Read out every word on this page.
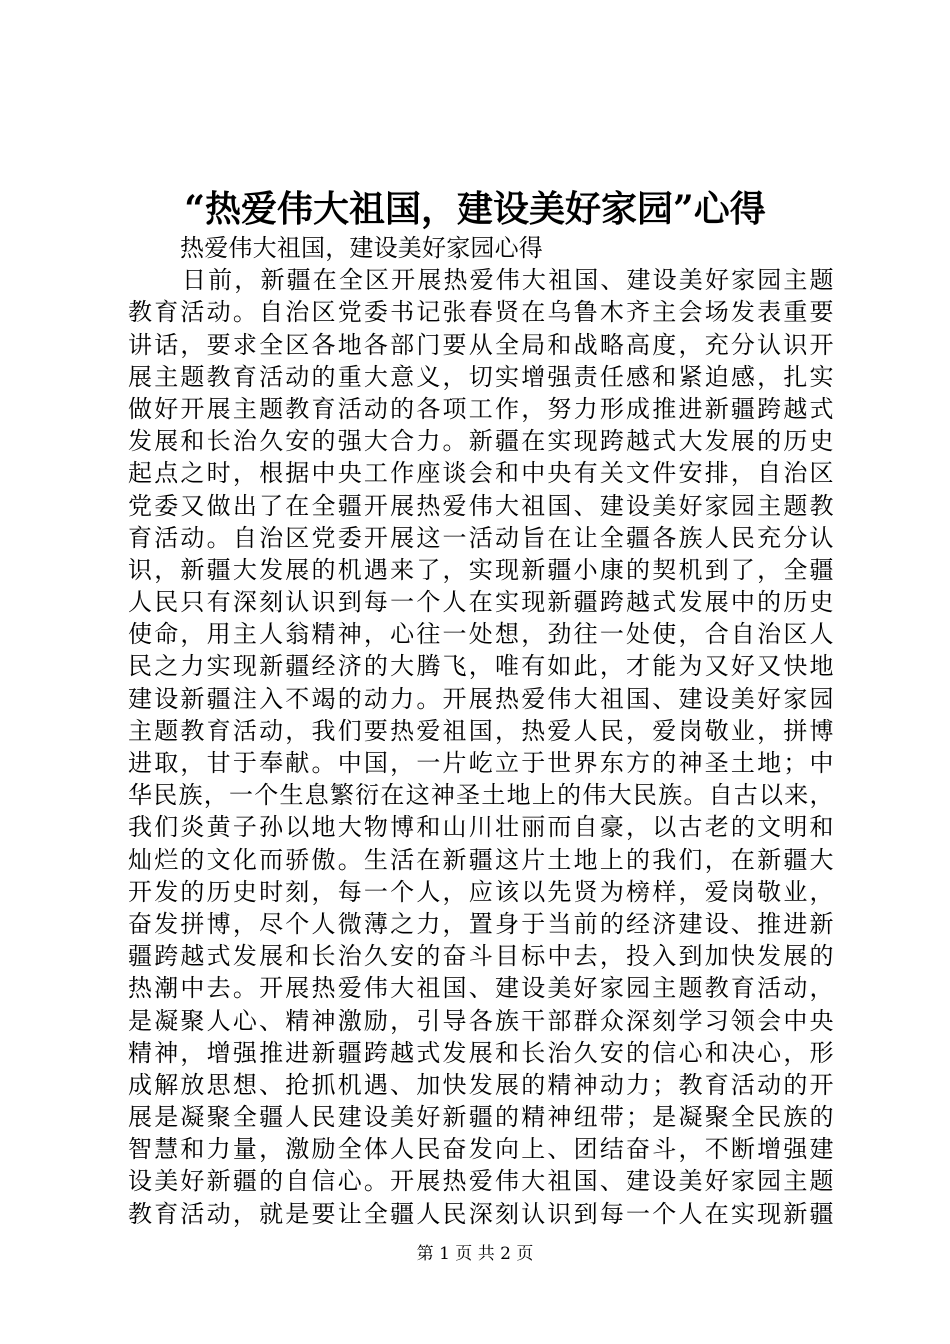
“热爱伟大祖国，建设美好家园”心得
热爱伟大祖国，建设美好家园心得
日前，新疆在全区开展热爱伟大祖国、建设美好家园主题
教育活动。自治区党委书记张春贤在乌鲁木齐主会场发表重要
讲话，要求全区各地各部门要从全局和战略高度，充分认识开
展主题教育活动的重大意义，切实增强责任感和紧迫感，扎实
做好开展主题教育活动的各项工作，努力形成推进新疆跨越式
发展和长治久安的强大合力。新疆在实现跨越式大发展的历史
起点之时，根据中央工作座谈会和中央有关文件安排，自治区
党委又做出了在全疆开展热爱伟大祖国、建设美好家园主题教
育活动。自治区党委开展这一活动旨在让全疆各族人民充分认
识，新疆大发展的机遇来了，实现新疆小康的契机到了，全疆
人民只有深刻认识到每一个人在实现新疆跨越式发展中的历史
使命，用主人翁精神，心往一处想，劲往一处使，合自治区人
民之力实现新疆经济的大腾飞，唯有如此，才能为又好又快地
建设新疆注入不竭的动力。开展热爱伟大祖国、建设美好家园
主题教育活动，我们要热爱祖国，热爱人民，爱岗敬业，拼博
进取，甘于奉献。中国，一片屹立于世界东方的神圣土地；中
华民族，一个生息繁衍在这神圣土地上的伟大民族。自古以来，
我们炎黄子孙以地大物博和山川壮丽而自豪，以古老的文明和
灿烂的文化而骄傲。生活在新疆这片土地上的我们，在新疆大
开发的历史时刻，每一个人，应该以先贤为榜样，爱岗敬业，
奋发拼博，尽个人微薄之力，置身于当前的经济建设、推进新
疆跨越式发展和长治久安的奋斗目标中去，投入到加快发展的
热潮中去。开展热爱伟大祖国、建设美好家园主题教育活动，
是凝聚人心、精神激励，引导各族干部群众深刻学习领会中央
精神，增强推进新疆跨越式发展和长治久安的信心和决心，形
成解放思想、抢抓机遇、加快发展的精神动力；教育活动的开
展是凝聚全疆人民建设美好新疆的精神纽带；是凝聚全民族的
智慧和力量，激励全体人民奋发向上、团结奋斗，不断增强建
设美好新疆的自信心。开展热爱伟大祖国、建设美好家园主题
教育活动，就是要让全疆人民深刻认识到每一个人在实现新疆
第 1 页 共 2 页
